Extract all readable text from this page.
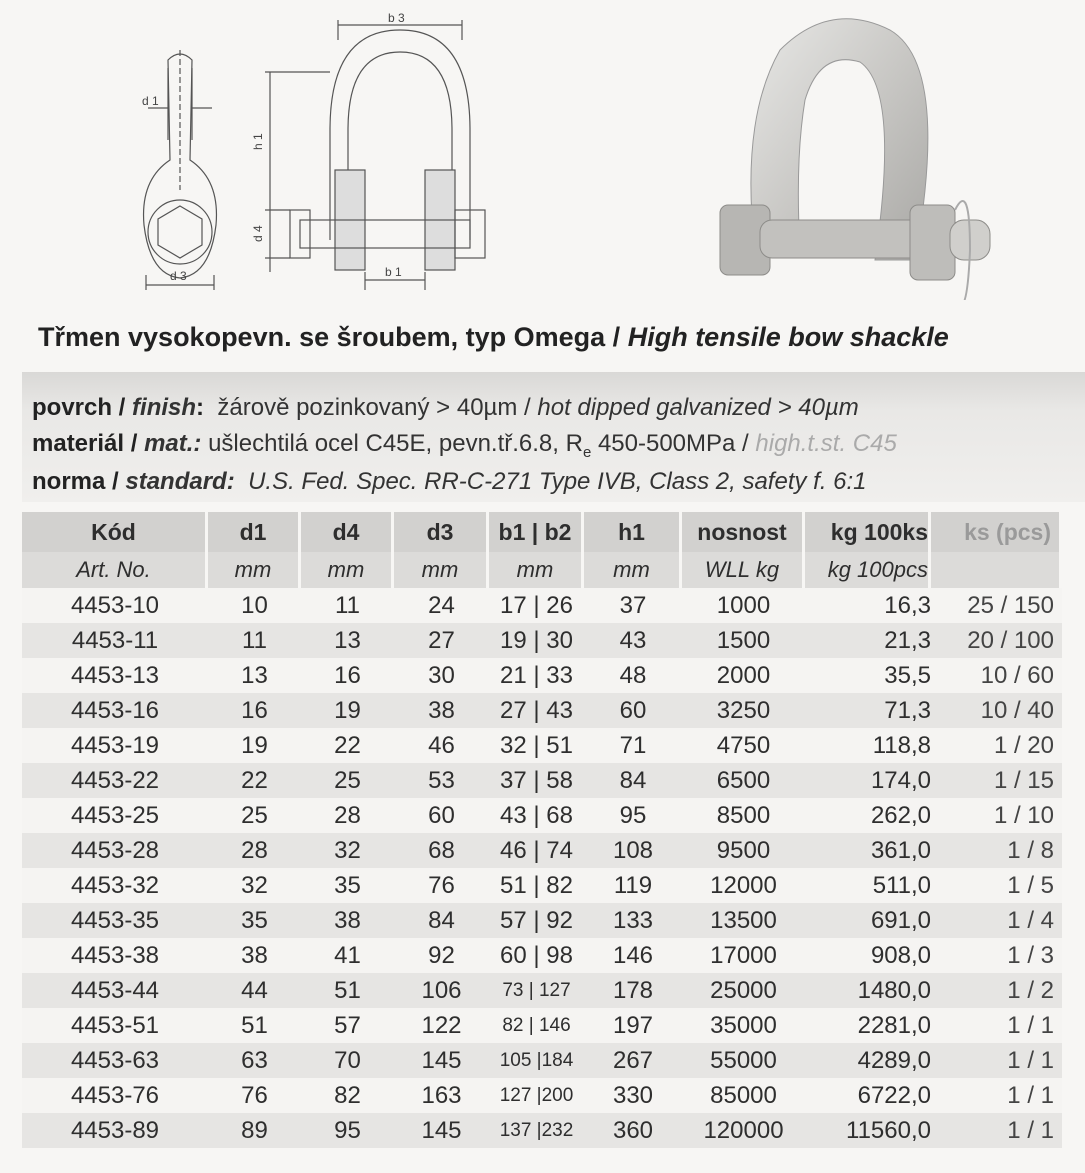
b 3
d 1
h 1
d 4
d 3	b 1
Třmen vysokopevn. se šroubem, typ Omega / High tensile bow shackle
povrch / finish: žárově pozinkovaný > 40µm / hot dipped galvanized > 40µm
materiál / mat.: ušlechtilá ocel C45E, pevn.tř.6.8, $R_e$ 450-500MPa / high.t.st. C45
norma / standard: U.S. Fed. Spec. RR-C-271 Type IVB, Class 2, safety f. 6:1
Kód	d1	d4	d3	b1 | b2	h1	nosnost	kg 100ks	ks (pcs)
Art. No.	mm	mm	mm	mm	mm	WLL kg	kg 100pcs	
4453-10	10	11	24	17 | 26	37	1000	16,3	25 / 150
4453-11	11	13	27	19 | 30	43	1500	21,3	20 / 100
4453-13	13	16	30	21 | 33	48	2000	35,5	10 / 60
4453-16	16	19	38	27 | 43	60	3250	71,3	10 / 40
4453-19	19	22	46	32 | 51	71	4750	118,8	1 / 20
4453-22	22	25	53	37 | 58	84	6500	174,0	1 / 15
4453-25	25	28	60	43 | 68	95	8500	262,0	1 / 10
4453-28	28	32	68	46 | 74	108	9500	361,0	1 / 8
4453-32	32	35	76	51 | 82	119	12000	511,0	1 / 5
4453-35	35	38	84	57 | 92	133	13500	691,0	1 / 4
4453-38	38	41	92	60 | 98	146	17000	908,0	1 / 3
4453-44	44	51	106	73 | 127	178	25000	1480,0	1 / 2
4453-51	51	57	122	82 | 146	197	35000	2281,0	1 / 1
4453-63	63	70	145	105 |184	267	55000	4289,0	1 / 1
4453-76	76	82	163	127 |200	330	85000	6722,0	1 / 1
4453-89	89	95	145	137 |232	360	120000	11560,0	1 / 1
